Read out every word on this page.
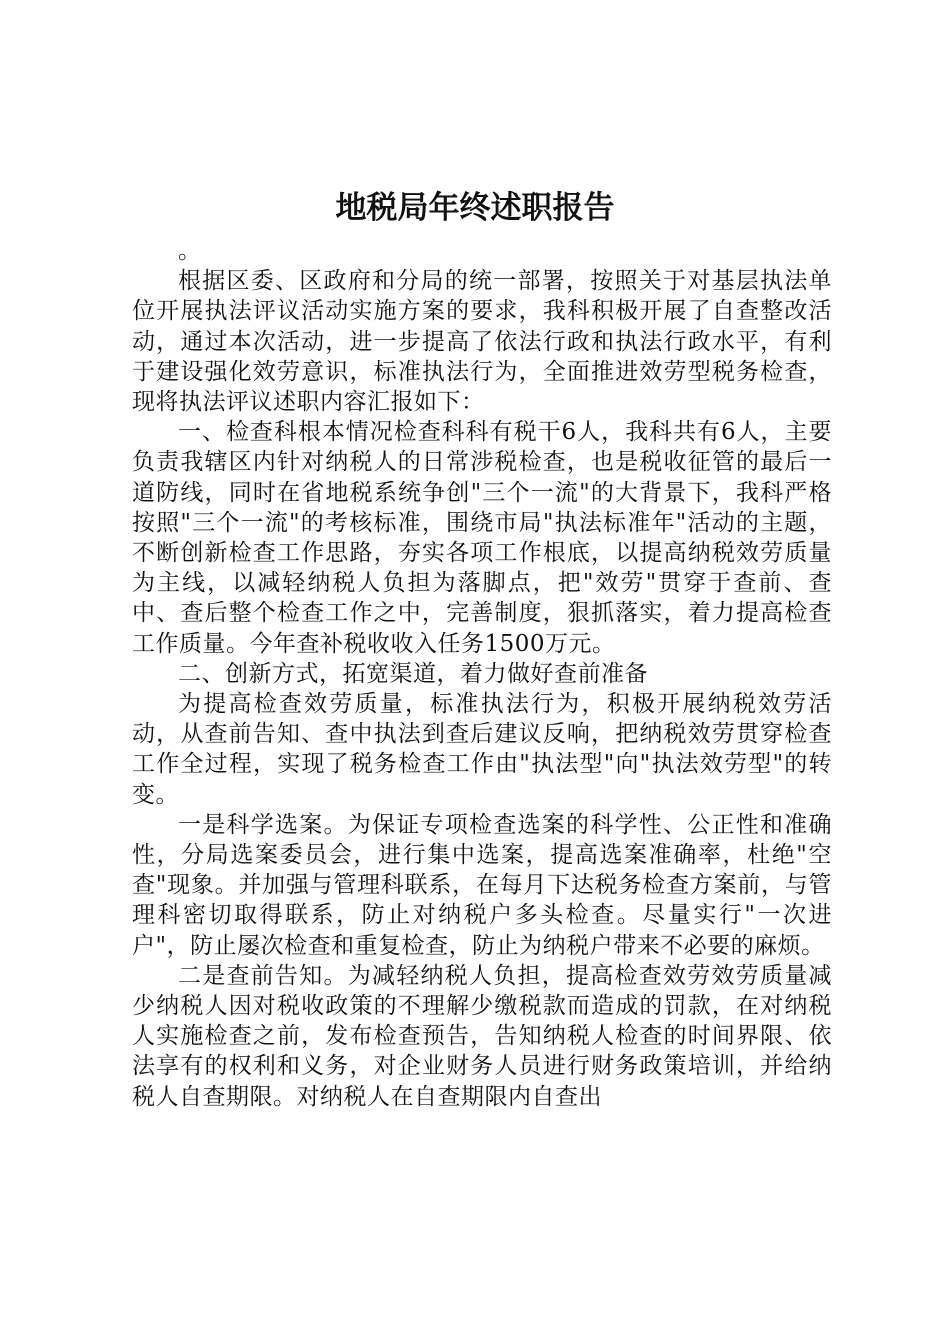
地税局年终述职报告

。

根据区委、区政府和分局的统一部署，按照关于对基层执法单位开展执法评议活动实施方案的要求，我科积极开展了自查整改活动，通过本次活动，进一步提高了依法行政和执法行政水平，有利于建设强化效劳意识，标准执法行为，全面推进效劳型税务检查，现将执法评议述职内容汇报如下：

一、检查科根本情况检查科科有税干6人，我科共有6人，主要负责我辖区内针对纳税人的日常涉税检查，也是税收征管的最后一道防线，同时在省地税系统争创"三个一流"的大背景下，我科严格按照"三个一流"的考核标准，围绕市局"执法标准年"活动的主题，不断创新检查工作思路，夯实各项工作根底，以提高纳税效劳质量为主线，以减轻纳税人负担为落脚点，把"效劳"贯穿于查前、查中、查后整个检查工作之中，完善制度，狠抓落实，着力提高检查工作质量。今年查补税收收入任务1500万元。

二、创新方式，拓宽渠道，着力做好查前准备

为提高检查效劳质量，标准执法行为，积极开展纳税效劳活动，从查前告知、查中执法到查后建议反响，把纳税效劳贯穿检查工作全过程，实现了税务检查工作由"执法型"向"执法效劳型"的转变。

一是科学选案。为保证专项检查选案的科学性、公正性和准确性，分局选案委员会，进行集中选案，提高选案准确率，杜绝"空查"现象。并加强与管理科联系，在每月下达税务检查方案前，与管理科密切取得联系，防止对纳税户多头检查。尽量实行"一次进户"，防止屡次检查和重复检查，防止为纳税户带来不必要的麻烦。

二是查前告知。为减轻纳税人负担，提高检查效劳效劳质量减少纳税人因对税收政策的不理解少缴税款而造成的罚款，在对纳税人实施检查之前，发布检查预告，告知纳税人检查的时间界限、依法享有的权利和义务，对企业财务人员进行财务政策培训，并给纳税人自查期限。对纳税人在自查期限内自查出
